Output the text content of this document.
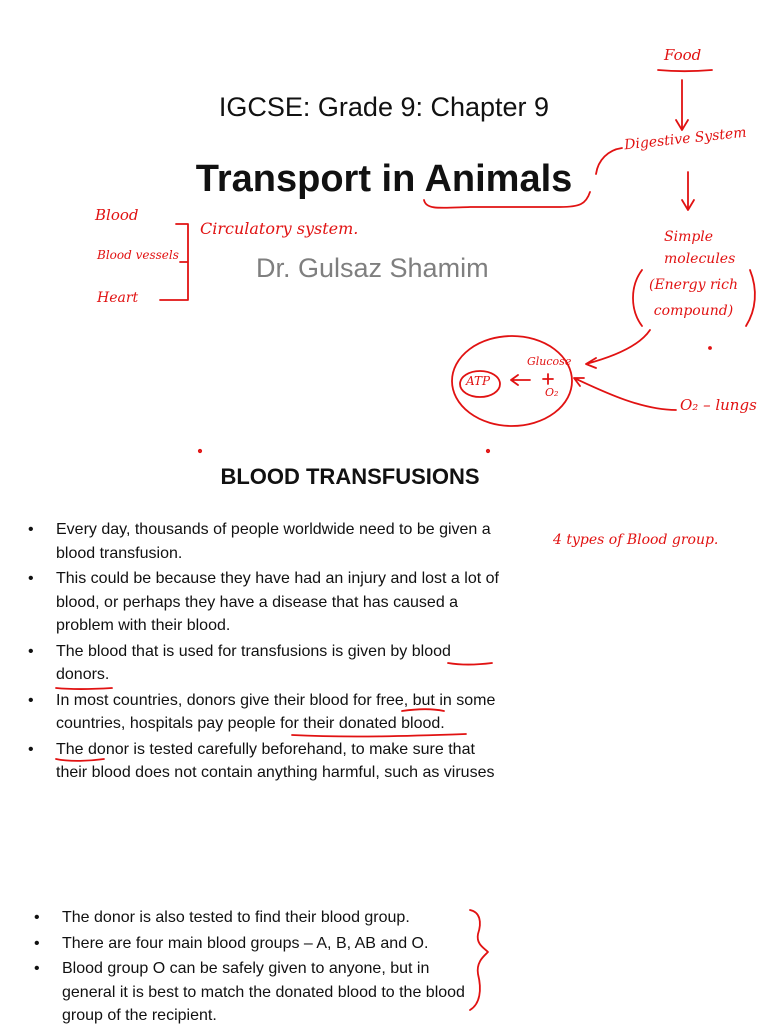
IGCSE: Grade 9: Chapter 9
Transport in Animals
Dr. Gulsaz Shamim
Food
Digestive System
Simple molecules
(Energy rich compound)
ATP
Glucose
O₂
O₂ – lungs
Blood
Blood vessels
Heart
Circulatory system.
4 types of Blood group.
BLOOD TRANSFUSIONS
• Every day, thousands of people worldwide need to be given a blood transfusion.
• This could be because they have had an injury and lost a lot of blood, or perhaps they have a disease that has caused a problem with their blood.
• The blood that is used for transfusions is given by blood donors.
• In most countries, donors give their blood for free, but in some countries, hospitals pay people for their donated blood.
• The donor is tested carefully beforehand, to make sure that their blood does not contain anything harmful, such as viruses
• The donor is also tested to find their blood group.
• There are four main blood groups – A, B, AB and O.
• Blood group O can be safely given to anyone, but in general it is best to match the donated blood to the blood group of the recipient.
